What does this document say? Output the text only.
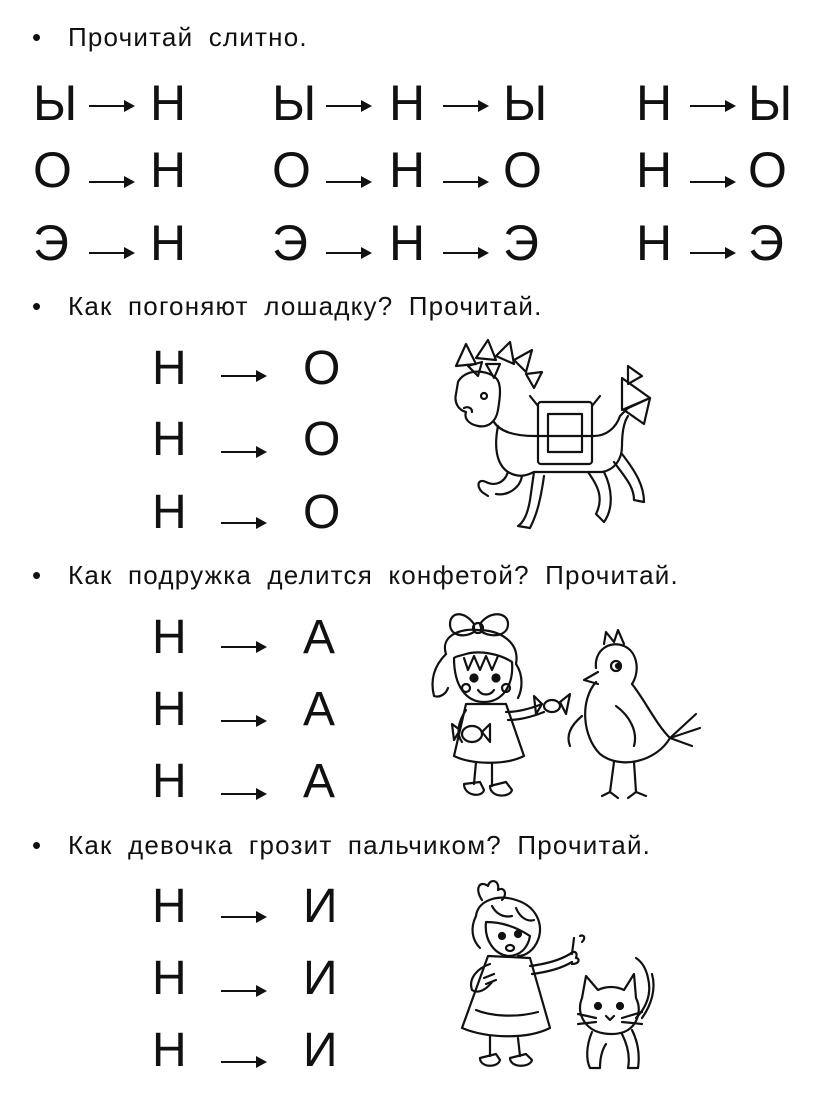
• Прочитай слитно.
Ы Н
О Н
Э Н
Ы Н Ы
О Н О
Э Н Э
Н Ы
Н О
Н Э
• Как погоняют лошадку? Прочитай.
Н О
Н О
Н О
• Как подружка делится конфетой? Прочитай.
Н А
Н А
Н А
• Как девочка грозит пальчиком? Прочитай.
Н И
Н И
Н И
